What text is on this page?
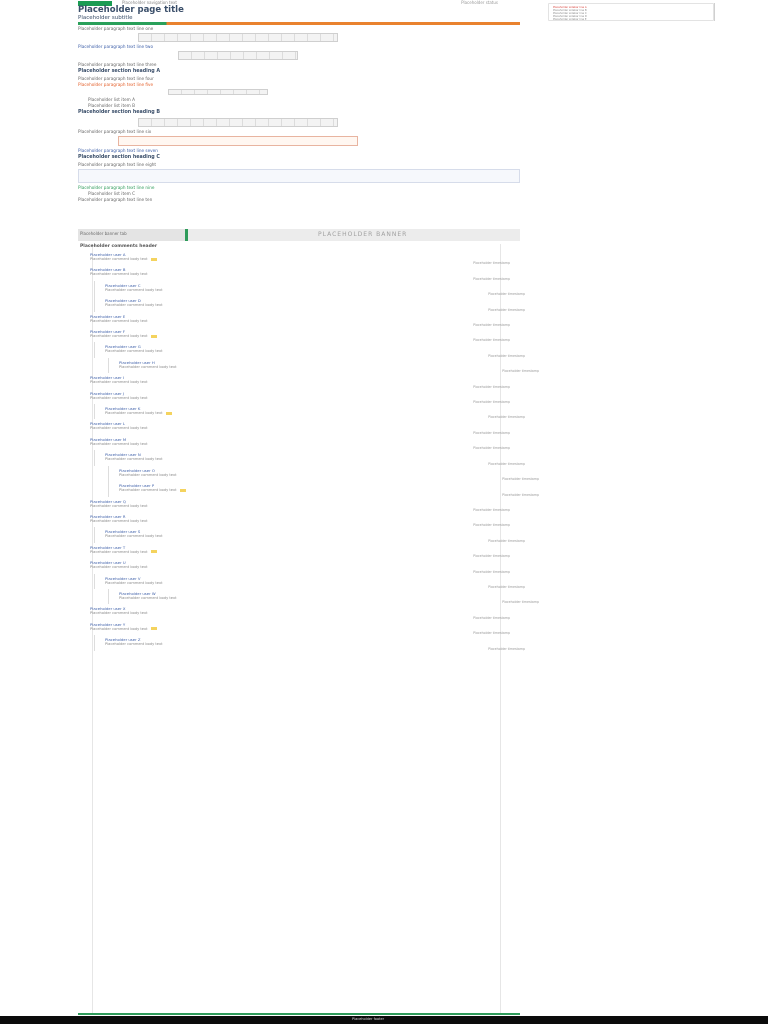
Placeholder navigation text	Placeholder status
Placeholder sidebar line A
Placeholder sidebar line B
Placeholder sidebar line C
Placeholder sidebar line D
Placeholder sidebar line E
Placeholder page title
Placeholder subtitle

Placeholder paragraph text line one

Placeholder paragraph text line two

Placeholder paragraph text line three

Placeholder section heading A

Placeholder paragraph text line four

Placeholder paragraph text line five

Placeholder list item A

Placeholder list item B

Placeholder section heading B

Placeholder paragraph text line six

Placeholder paragraph text line seven

Placeholder section heading C

Placeholder paragraph text line eight

Placeholder paragraph text line nine

Placeholder list item C

Placeholder paragraph text line ten

Placeholder banner tab	PLACEHOLDER BANNER
Placeholder comments header
Placeholder user A
Placeholder comment body text
Placeholder timestamp
Placeholder user B
Placeholder comment body text
Placeholder timestamp
Placeholder user C
Placeholder comment body text
Placeholder timestamp
Placeholder user D
Placeholder comment body text
Placeholder timestamp
Placeholder user E
Placeholder comment body text
Placeholder timestamp
Placeholder user F
Placeholder comment body text
Placeholder timestamp
Placeholder user G
Placeholder comment body text
Placeholder timestamp
Placeholder user H
Placeholder comment body text
Placeholder timestamp
Placeholder user I
Placeholder comment body text
Placeholder timestamp
Placeholder user J
Placeholder comment body text
Placeholder timestamp
Placeholder user K
Placeholder comment body text
Placeholder timestamp
Placeholder user L
Placeholder comment body text
Placeholder timestamp
Placeholder user M
Placeholder comment body text
Placeholder timestamp
Placeholder user N
Placeholder comment body text
Placeholder timestamp
Placeholder user O
Placeholder comment body text
Placeholder timestamp
Placeholder user P
Placeholder comment body text
Placeholder timestamp
Placeholder user Q
Placeholder comment body text
Placeholder timestamp
Placeholder user R
Placeholder comment body text
Placeholder timestamp
Placeholder user S
Placeholder comment body text
Placeholder timestamp
Placeholder user T
Placeholder comment body text
Placeholder timestamp
Placeholder user U
Placeholder comment body text
Placeholder timestamp
Placeholder user V
Placeholder comment body text
Placeholder timestamp
Placeholder user W
Placeholder comment body text
Placeholder timestamp
Placeholder user X
Placeholder comment body text
Placeholder timestamp
Placeholder user Y
Placeholder comment body text
Placeholder timestamp
Placeholder user Z
Placeholder comment body text
Placeholder timestamp
Placeholder footer
